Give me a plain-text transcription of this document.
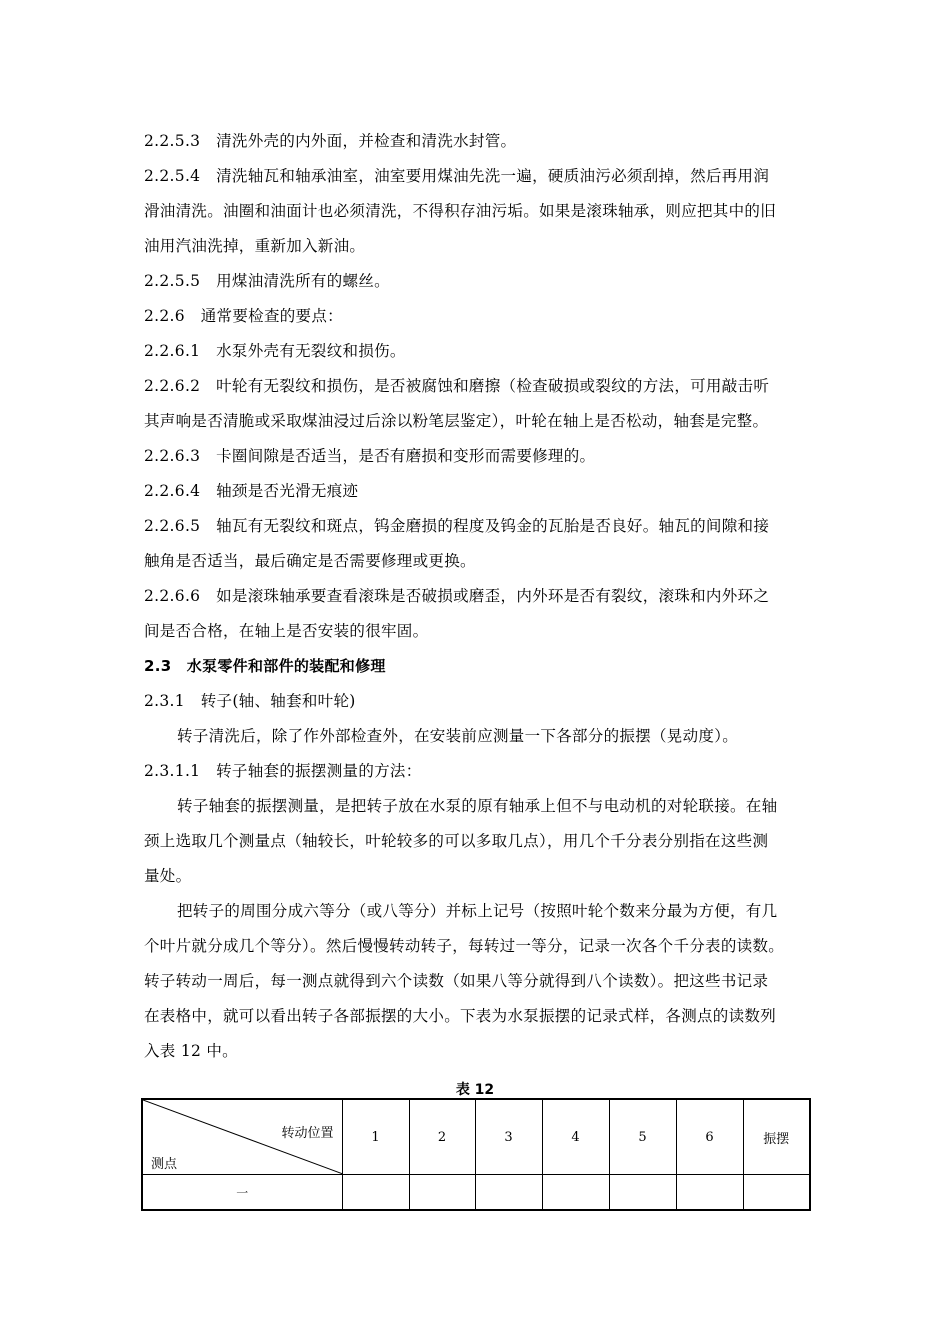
2.2.5.3　清洗外壳的内外面，并检查和清洗水封管。
2.2.5.4　清洗轴瓦和轴承油室，油室要用煤油先洗一遍，硬质油污必须刮掉，然后再用润
滑油清洗。油圈和油面计也必须清洗，不得积存油污垢。如果是滚珠轴承，则应把其中的旧
油用汽油洗掉，重新加入新油。
2.2.5.5　用煤油清洗所有的螺丝。
2.2.6　通常要检查的要点：
2.2.6.1　水泵外壳有无裂纹和损伤。
2.2.6.2　叶轮有无裂纹和损伤，是否被腐蚀和磨擦（检查破损或裂纹的方法，可用敲击听
其声响是否清脆或采取煤油浸过后涂以粉笔层鉴定），叶轮在轴上是否松动，轴套是完整。
2.2.6.3　卡圈间隙是否适当，是否有磨损和变形而需要修理的。
2.2.6.4　轴颈是否光滑无痕迹
2.2.6.5　轴瓦有无裂纹和斑点，钨金磨损的程度及钨金的瓦胎是否良好。轴瓦的间隙和接
触角是否适当，最后确定是否需要修理或更换。
2.2.6.6　如是滚珠轴承要查看滚珠是否破损或磨歪，内外环是否有裂纹，滚珠和内外环之
间是否合格，在轴上是否安装的很牢固。
2.3　水泵零件和部件的装配和修理
2.3.1　转子(轴、轴套和叶轮)
转子清洗后，除了作外部检查外，在安装前应测量一下各部分的振摆（晃动度）。
2.3.1.1　转子轴套的振摆测量的方法：
转子轴套的振摆测量，是把转子放在水泵的原有轴承上但不与电动机的对轮联接。在轴
颈上选取几个测量点（轴较长，叶轮较多的可以多取几点），用几个千分表分别指在这些测
量处。
把转子的周围分成六等分（或八等分）并标上记号（按照叶轮个数来分最为方便，有几
个叶片就分成几个等分）。然后慢慢转动转子，每转过一等分，记录一次各个千分表的读数。
转子转动一周后，每一测点就得到六个读数（如果八等分就得到八个读数）。把这些书记录
在表格中，就可以看出转子各部振摆的大小。下表为水泵振摆的记录式样，各测点的读数列
入表 12 中。
表 12
转动位置
测点	1	2	3	4	5	6	振摆
一							
